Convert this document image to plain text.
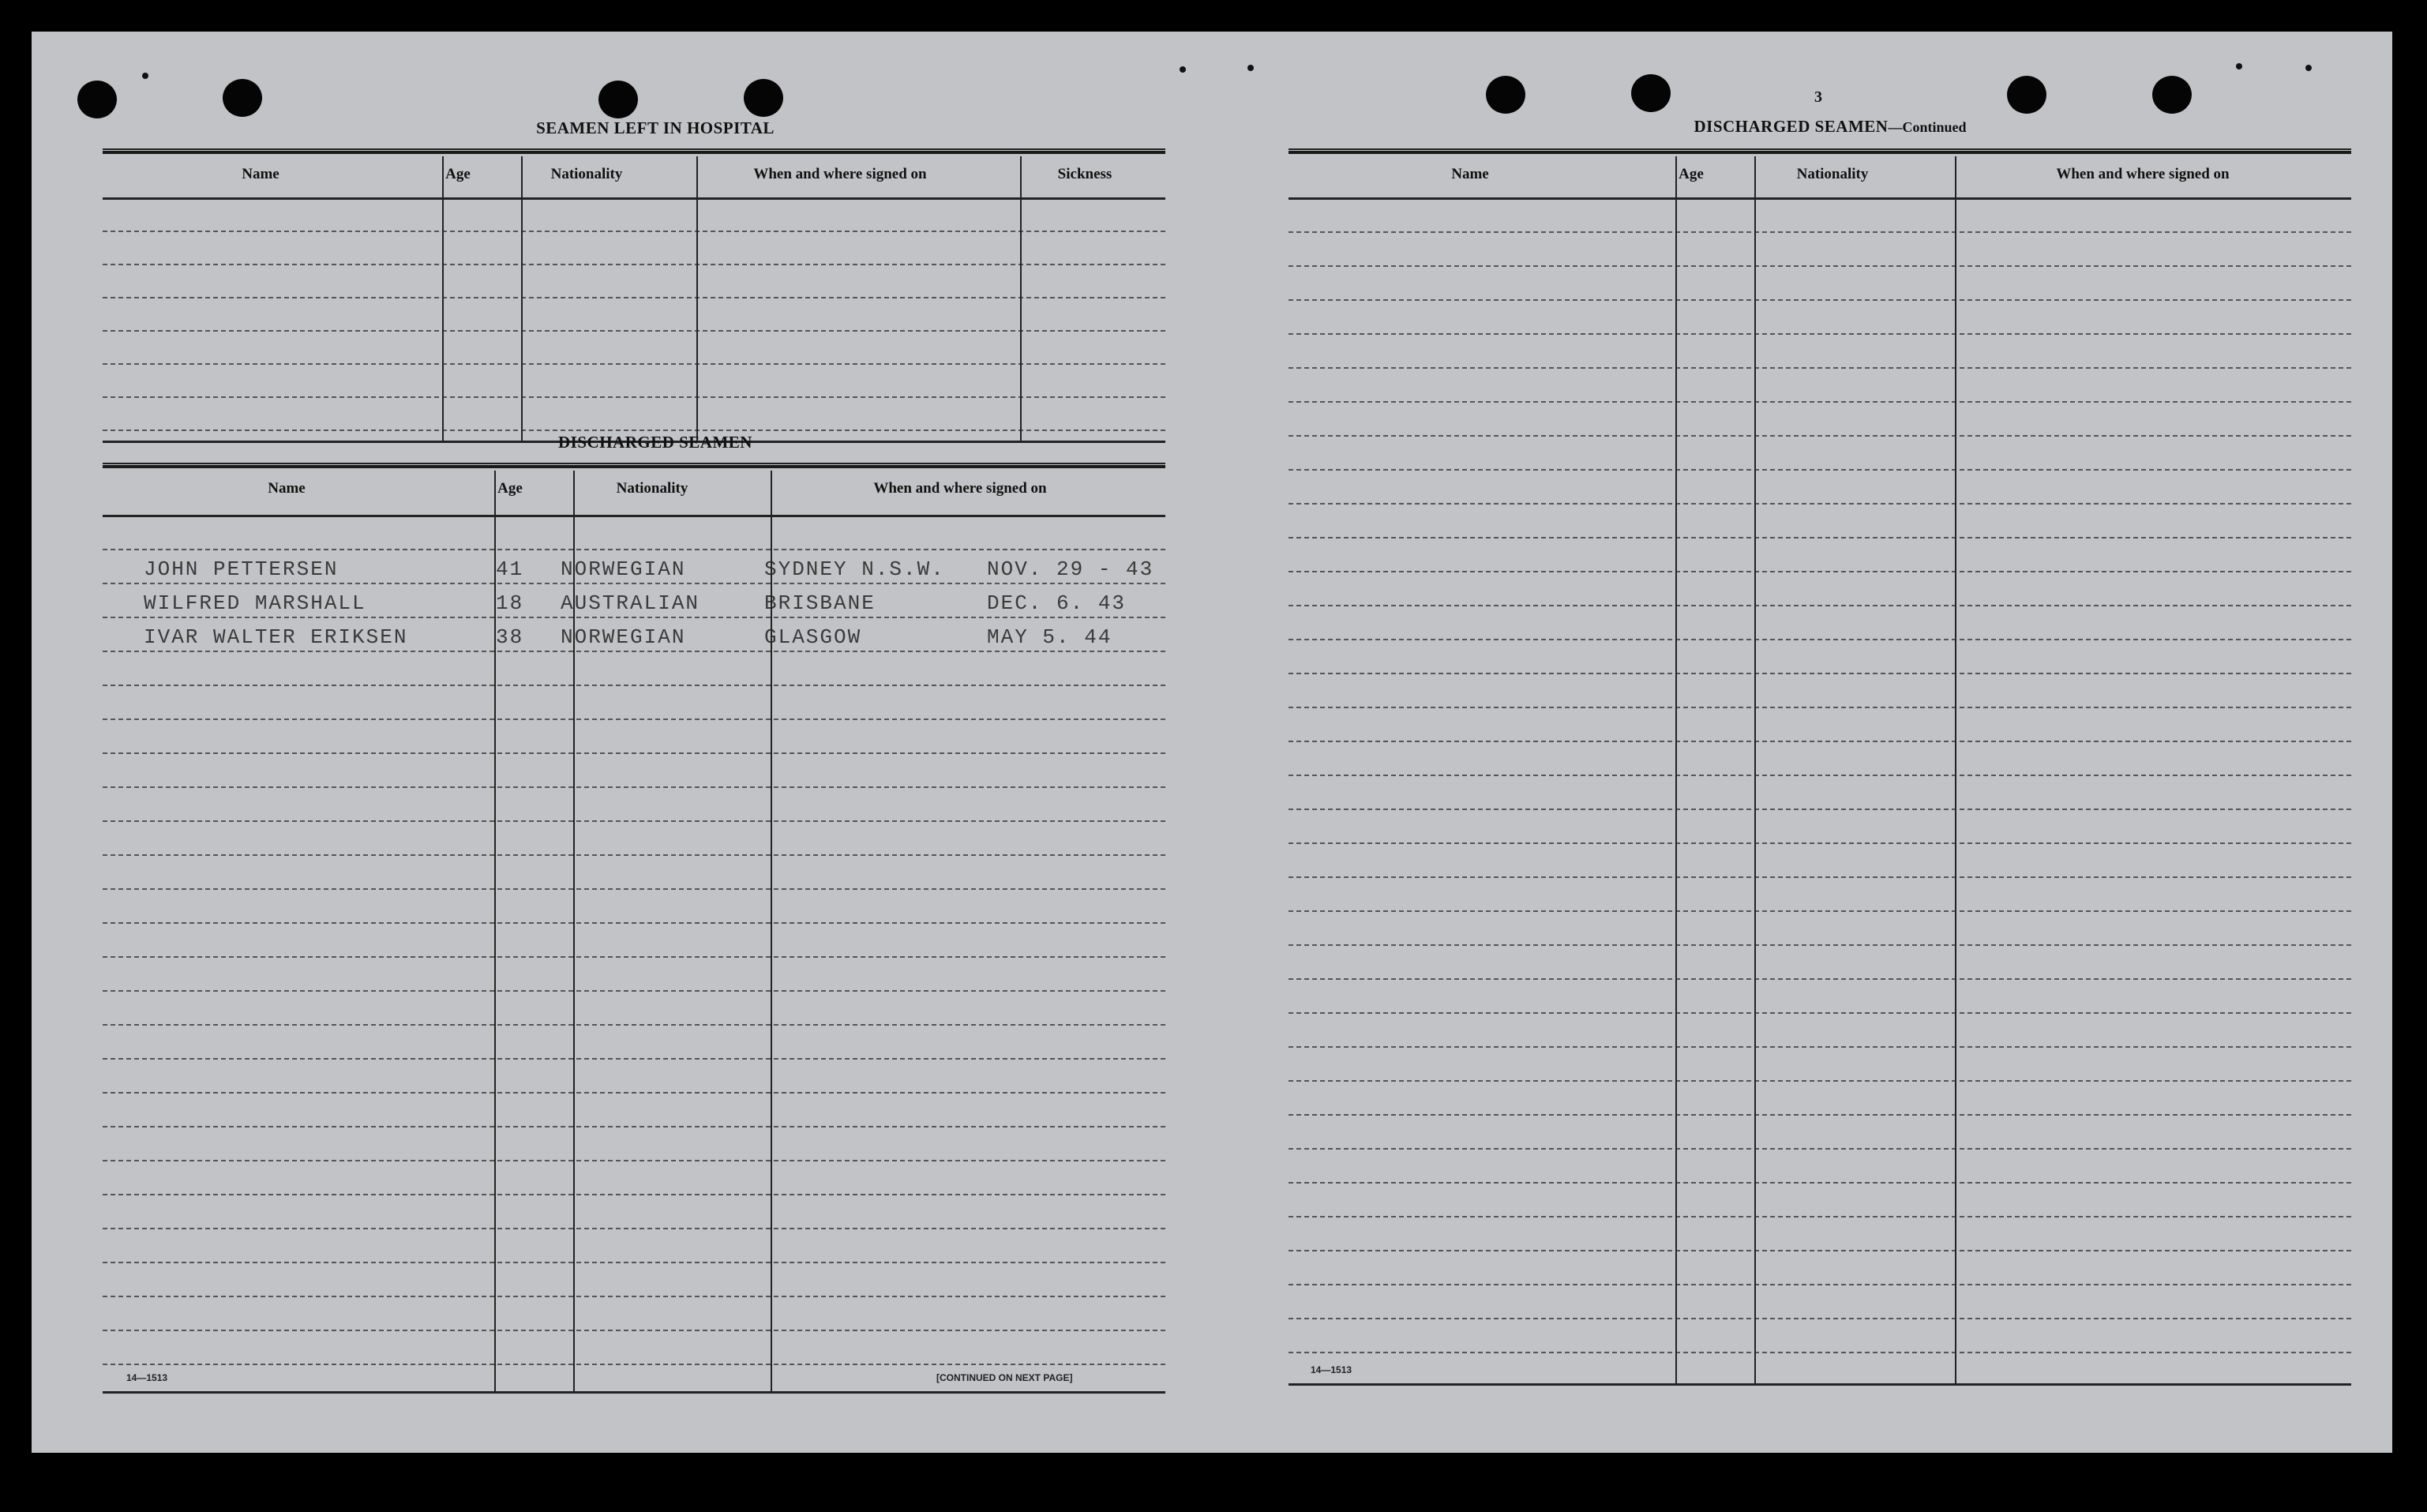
SEAMEN LEFT IN HOSPITAL
Name	Age	Nationality	When and where signed on	Sickness
DISCHARGED SEAMEN
Name	Age	Nationality	When and where signed on
JOHN PETTERSEN	41 NORWEGIAN	SYDNEY N.S.W. NOV. 29 - 43
WILFRED MARSHALL	18 AUSTRALIAN	BRISBANE	DEC. 6. 43
IVAR WALTER ERIKSEN	38 NORWEGIAN	GLASGOW	MAY 5. 44
14—1513	[CONTINUED ON NEXT PAGE]
3
DISCHARGED SEAMEN—Continued
Name	Age	Nationality	When and where signed on
14—1513
